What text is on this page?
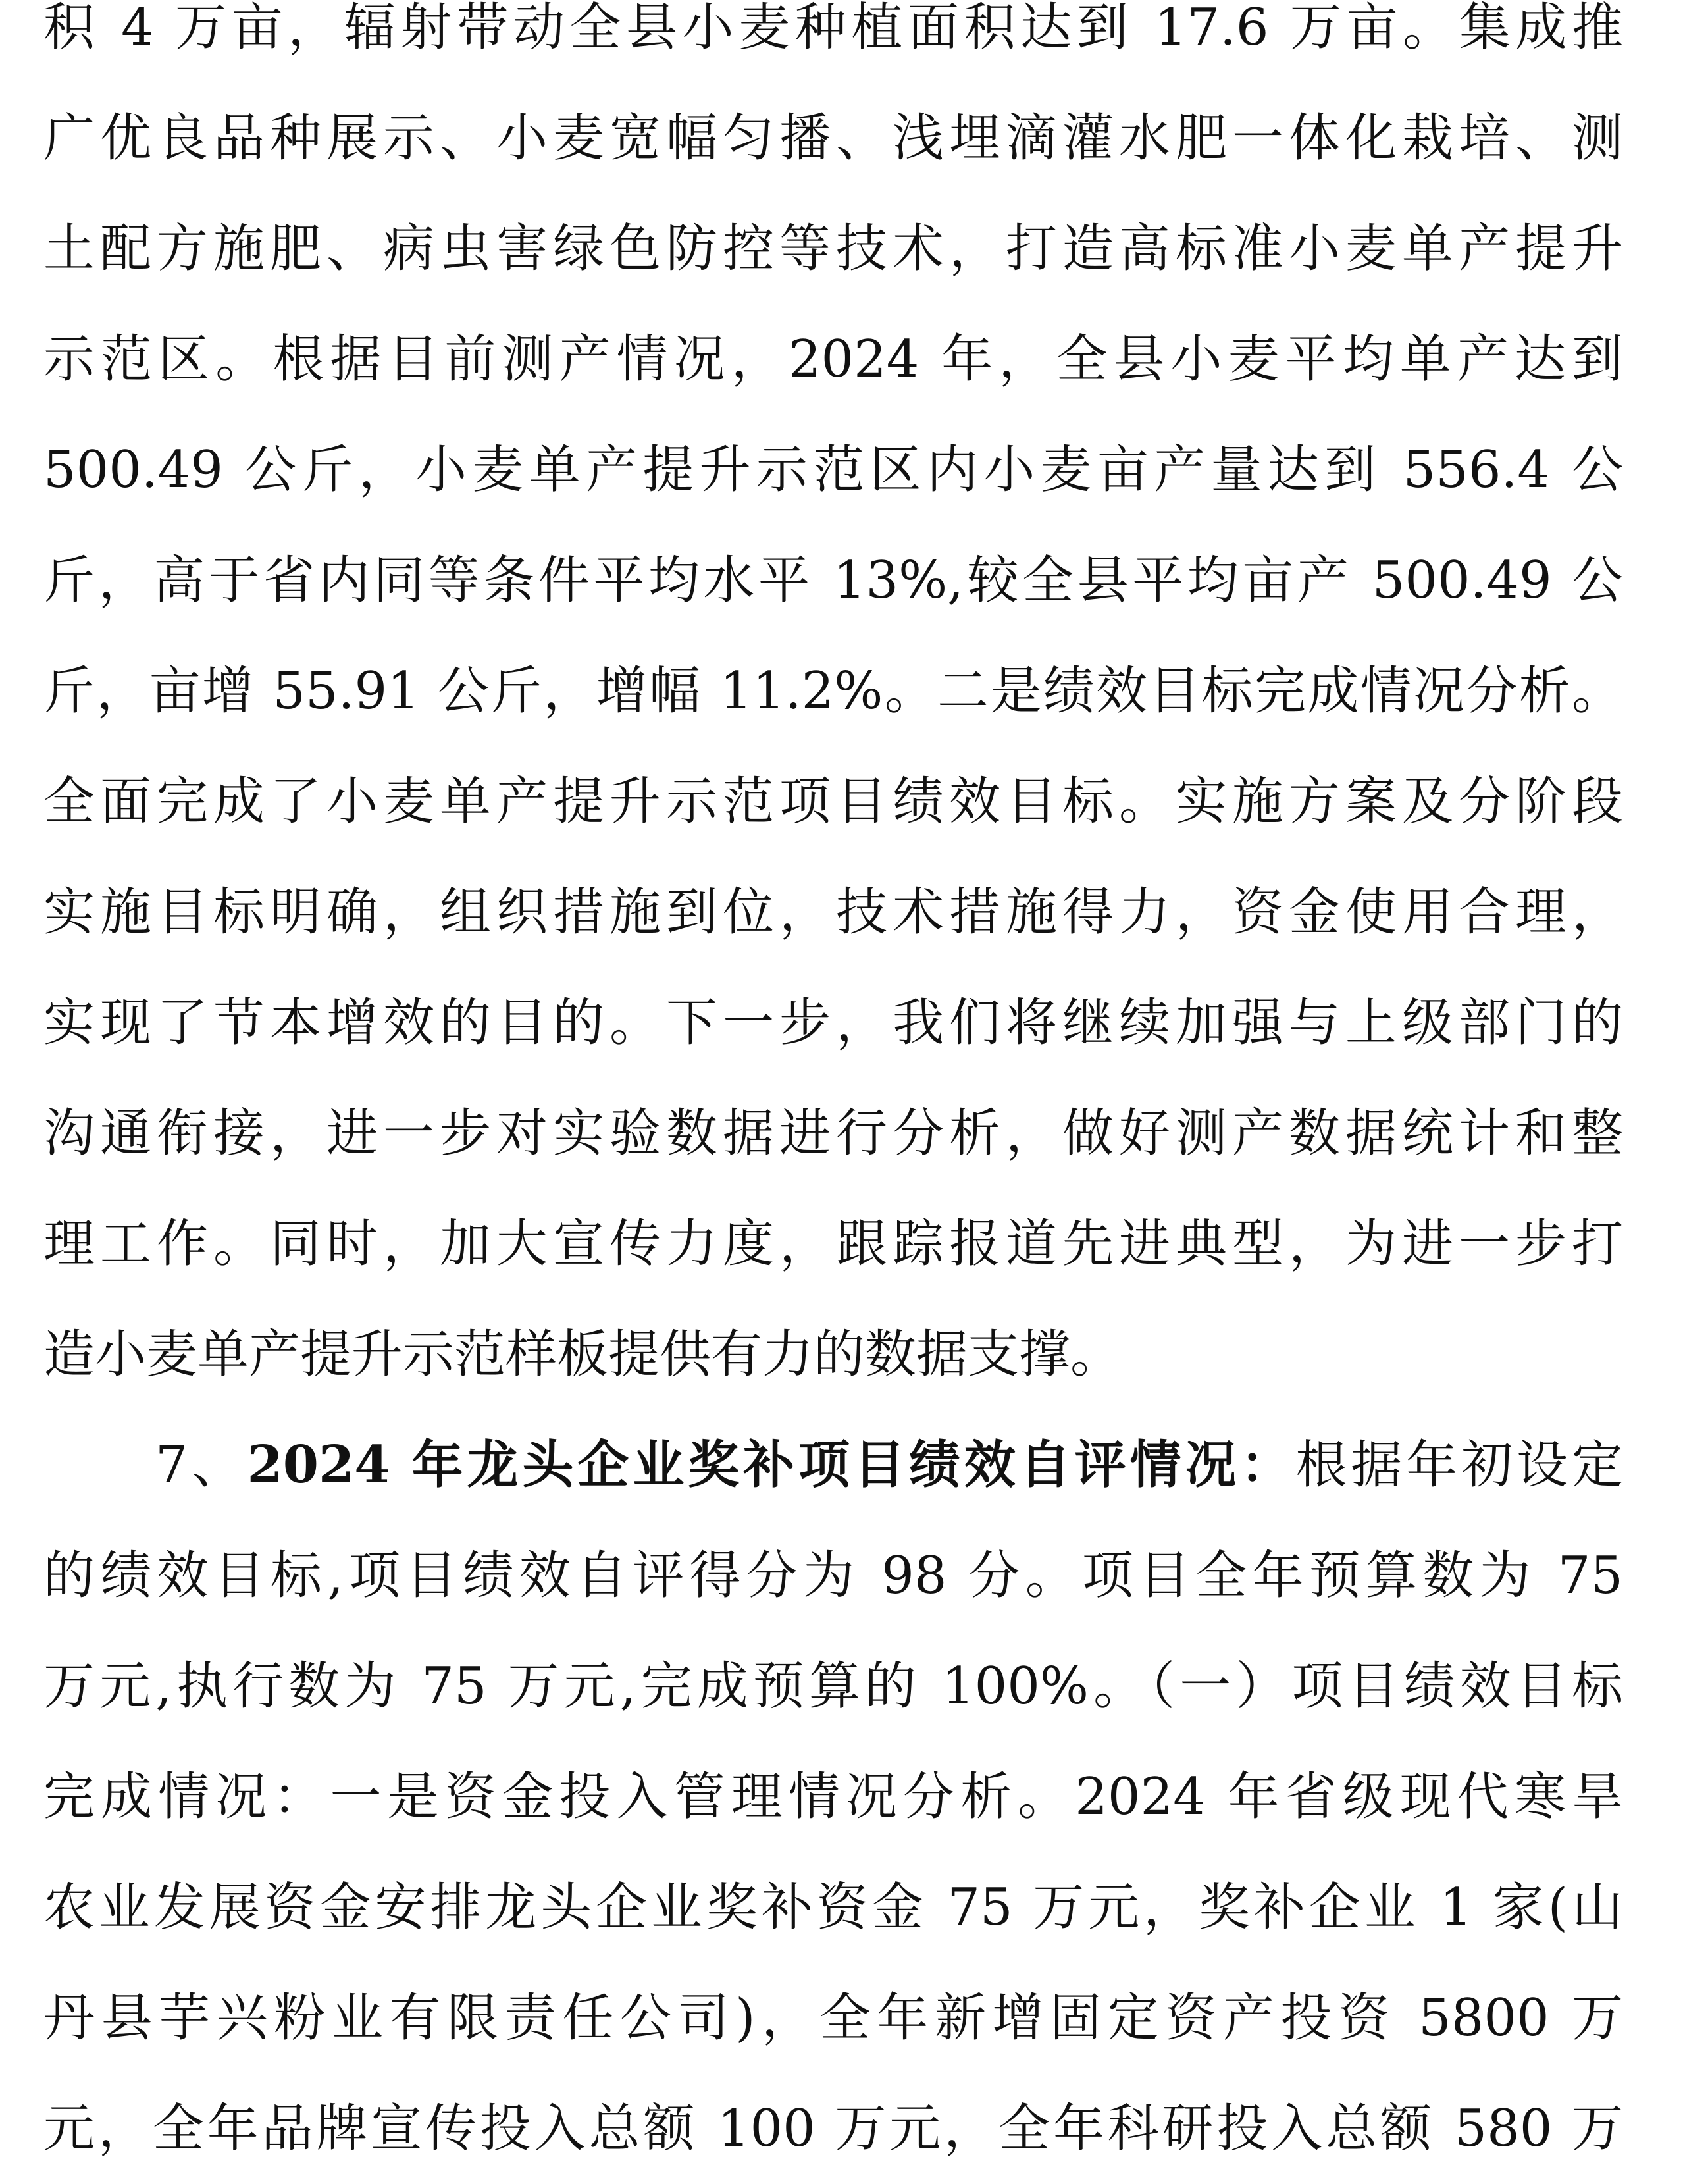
积 4 万亩，辐射带动全县小麦种植面积达到 17.6 万亩。集成推
广优良品种展示、小麦宽幅匀播、浅埋滴灌水肥一体化栽培、测
土配方施肥、病虫害绿色防控等技术，打造高标准小麦单产提升
示范区。根据目前测产情况，2024 年，全县小麦平均单产达到
500.49 公斤，小麦单产提升示范区内小麦亩产量达到 556.4 公
斤，高于省内同等条件平均水平 13%,较全县平均亩产 500.49 公
斤，亩增 55.91 公斤，增幅 11.2%。二是绩效目标完成情况分析。
全面完成了小麦单产提升示范项目绩效目标。实施方案及分阶段
实施目标明确，组织措施到位，技术措施得力，资金使用合理，
实现了节本增效的目的。下一步，我们将继续加强与上级部门的
沟通衔接，进一步对实验数据进行分析，做好测产数据统计和整
理工作。同时，加大宣传力度，跟踪报道先进典型，为进一步打
造小麦单产提升示范样板提供有力的数据支撑。
7、2024 年龙头企业奖补项目绩效自评情况：根据年初设定
的绩效目标,项目绩效自评得分为 98 分。项目全年预算数为 75
万元,执行数为 75 万元,完成预算的 100%。（一）项目绩效目标
完成情况：一是资金投入管理情况分析。2024 年省级现代寒旱
农业发展资金安排龙头企业奖补资金 75 万元，奖补企业 1 家(山
丹县芋兴粉业有限责任公司)，全年新增固定资产投资 5800 万
元，全年品牌宣传投入总额 100 万元，全年科研投入总额 580 万
